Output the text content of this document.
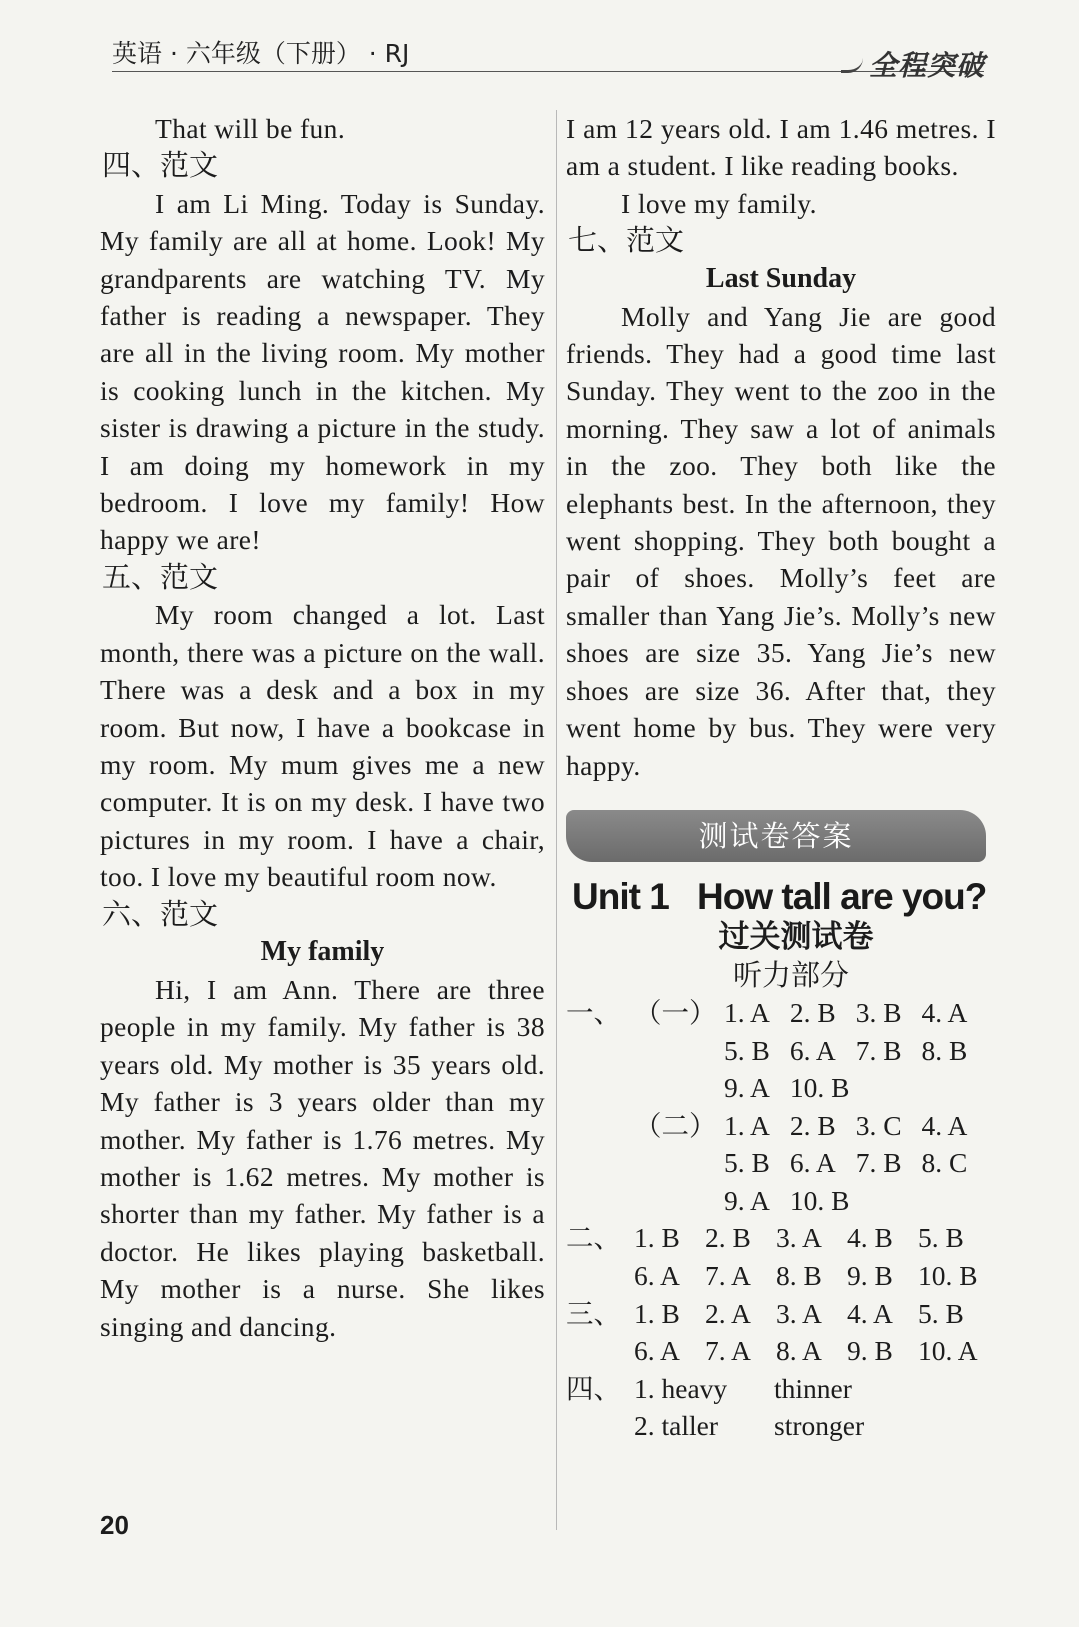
英语 · 六年级（下册） · RJ	全程突破

That will be fun.

四、范文

I am Li Ming. Today is Sunday. My family are all at home. Look! My grandparents are watching TV. My father is reading a newspaper. They are all in the living room. My mother is cooking lunch in the kitchen. My sister is drawing a picture in the study. I am doing my homework in my bedroom. I love my family! How happy we are!

五、范文

My room changed a lot. Last month, there was a picture on the wall. There was a desk and a box in my room. But now, I have a bookcase in my room. My mum gives me a new computer. It is on my desk. I have two pictures in my room. I have a chair, too. I love my beautiful room now.

六、范文

My family

Hi, I am Ann. There are three people in my family. My father is 38 years old. My mother is 35 years old. My father is 3 years older than my mother. My father is 1.76 metres. My mother is 1.62 metres. My mother is shorter than my father. My father is a doctor. He likes playing basketball. My mother is a nurse. She likes singing and dancing.

I am 12 years old. I am 1.46 metres. I am a student. I like reading books.

I love my family.

七、范文

Last Sunday

Molly and Yang Jie are good friends. They had a good time last Sunday. They went to the zoo in the morning. They saw a lot of animals in the zoo. They both like the elephants best. In the afternoon, they went shopping. They both bought a pair of shoes. Molly’s feet are smaller than Yang Jie’s. Molly’s new shoes are size 35. Yang Jie’s new shoes are size 36. After that, they went home by bus. They were very happy.

测试卷答案
Unit 1 How tall are you?

过关测试卷

听力部分

一、 （一） 1. A 2. B 3. B 4. A
5. B 6. A 7. B 8. B
9. A 10. B
（二） 1. A 2. B 3. C 4. A
5. B 6. A 7. B 8. C
9. A 10. B
二、 1. B 2. B 3. A 4. B 5. B
6. A 7. A 8. B 9. B 10. B
三、 1. B 2. A 3. A 4. A 5. B
6. A 7. A 8. A 9. B 10. A
四、 1. heavy	thinner
2. taller	stronger
20
